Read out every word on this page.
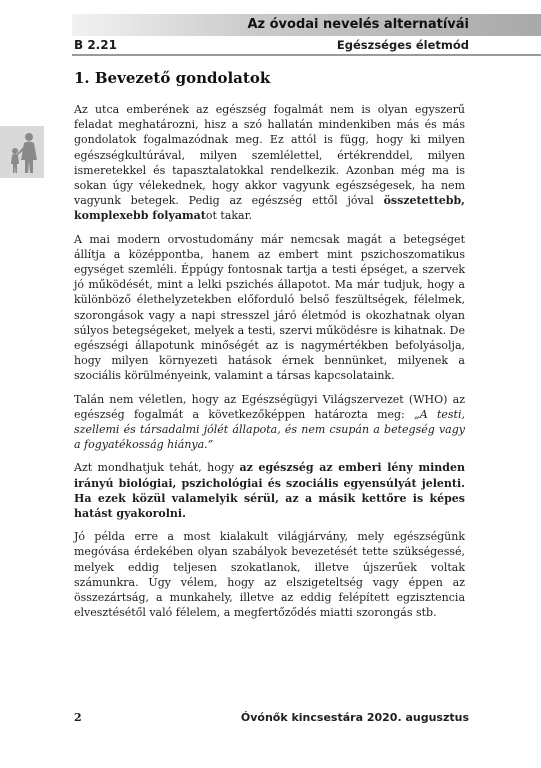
Az óvodai nevelés alternatívái
B 2.21	Egészséges életmód
1. Bevezető gondolatok

Az utca emberének az egészség fogalmát nem is olyan egyszerű feladat meghatározni, hisz a szó hallatán mindenkiben más és más gondolatok fogalmazódnak meg. Ez attól is függ, hogy ki milyen egészségkultúrával, milyen szemlélettel, értékrenddel, milyen ismeretekkel és tapasztalatokkal rendelkezik. Azonban még ma is sokan úgy vélekednek, hogy akkor vagyunk egészségesek, ha nem vagyunk betegek. Pedig az egészség ettől jóval összetettebb, komplexebb folyamatot takar.

A mai modern orvostudomány már nemcsak magát a betegséget állítja a középpontba, hanem az embert mint pszichoszomatikus egységet szemléli. Éppúgy fontosnak tartja a testi épséget, a szervek jó működését, mint a lelki pszichés állapotot. Ma már tudjuk, hogy a különböző élethelyzetekben előforduló belső feszültségek, félelmek, szorongások vagy a napi stresszel járó életmód is okozhatnak olyan súlyos betegségeket, melyek a testi, szervi működésre is kihatnak. De egészségi állapotunk minőségét az is nagymértékben befolyásolja, hogy milyen környezeti hatások érnek bennünket, milyenek a szociális körülményeink, valamint a társas kapcsolataink.

Talán nem véletlen, hogy az Egészségügyi Világszervezet (WHO) az egészség fogalmát a következőképpen határozta meg: „A testi, szellemi és társadalmi jólét állapota, és nem csupán a betegség vagy a fogyatékosság hiánya.”

Azt mondhatjuk tehát, hogy az egészség az emberi lény minden irányú biológiai, pszichológiai és szociális egyensúlyát jelenti. Ha ezek közül valamelyik sérül, az a másik kettőre is képes hatást gyakorolni.

Jó példa erre a most kialakult világjárvány, mely egészségünk megóvása érdekében olyan szabályok bevezetését tette szükségessé, melyek eddig teljesen szokatlanok, illetve újszerűek voltak számunkra. Úgy vélem, hogy az elszigeteltség vagy éppen az összezártság, a munkahely, illetve az eddig felépített egzisztencia elvesztésétől való félelem, a megfertőződés miatti szorongás stb.

2	Óvónők kincsestára 2020. augusztus
